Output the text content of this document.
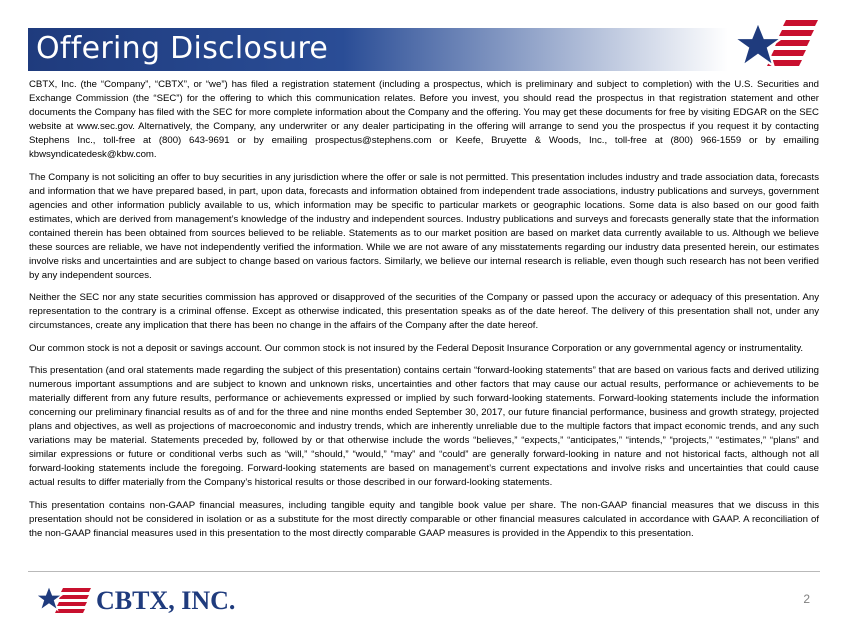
Offering Disclosure

CBTX, Inc. (the “Company”, “CBTX”, or “we”) has filed a registration statement (including a prospectus, which is preliminary and subject to completion) with the U.S. Securities and Exchange Commission (the “SEC”) for the offering to which this communication relates. Before you invest, you should read the prospectus in that registration statement and other documents the Company has filed with the SEC for more complete information about the Company and the offering. You may get these documents for free by visiting EDGAR on the SEC website at www.sec.gov. Alternatively, the Company, any underwriter or any dealer participating in the offering will arrange to send you the prospectus if you request it by contacting Stephens Inc., toll-free at (800) 643-9691 or by emailing prospectus@stephens.com or Keefe, Bruyette & Woods, Inc., toll-free at (800) 966-1559 or by emailing kbwsyndicatedesk@kbw.com.

The Company is not soliciting an offer to buy securities in any jurisdiction where the offer or sale is not permitted. This presentation includes industry and trade association data, forecasts and information that we have prepared based, in part, upon data, forecasts and information obtained from independent trade associations, industry publications and surveys, government agencies and other information publicly available to us, which information may be specific to particular markets or geographic locations. Some data is also based on our good faith estimates, which are derived from management’s knowledge of the industry and independent sources. Industry publications and surveys and forecasts generally state that the information contained therein has been obtained from sources believed to be reliable. Statements as to our market position are based on market data currently available to us. Although we believe these sources are reliable, we have not independently verified the information. While we are not aware of any misstatements regarding our industry data presented herein, our estimates involve risks and uncertainties and are subject to change based on various factors. Similarly, we believe our internal research is reliable, even though such research has not been verified by any independent sources.

Neither the SEC nor any state securities commission has approved or disapproved of the securities of the Company or passed upon the accuracy or adequacy of this presentation. Any representation to the contrary is a criminal offense. Except as otherwise indicated, this presentation speaks as of the date hereof. The delivery of this presentation shall not, under any circumstances, create any implication that there has been no change in the affairs of the Company after the date hereof.

Our common stock is not a deposit or savings account. Our common stock is not insured by the Federal Deposit Insurance Corporation or any governmental agency or instrumentality.

This presentation (and oral statements made regarding the subject of this presentation) contains certain “forward-looking statements” that are based on various facts and derived utilizing numerous important assumptions and are subject to known and unknown risks, uncertainties and other factors that may cause our actual results, performance or achievements to be materially different from any future results, performance or achievements expressed or implied by such forward-looking statements. Forward-looking statements include the information concerning our preliminary financial results as of and for the three and nine months ended September 30, 2017, our future financial performance, business and growth strategy, projected plans and objectives, as well as projections of macroeconomic and industry trends, which are inherently unreliable due to the multiple factors that impact economic trends, and any such variations may be material. Statements preceded by, followed by or that otherwise include the words “believes,” “expects,” “anticipates,” “intends,” “projects,” “estimates,” “plans” and similar expressions or future or conditional verbs such as “will,” “should,” “would,” “may” and “could” are generally forward-looking in nature and not historical facts, although not all forward-looking statements include the foregoing. Forward-looking statements are based on management’s current expectations and involve risks and uncertainties that could cause actual results to differ materially from the Company’s historical results or those described in our forward-looking statements.

This presentation contains non-GAAP financial measures, including tangible equity and tangible book value per share. The non-GAAP financial measures that we discuss in this presentation should not be considered in isolation or as a substitute for the most directly comparable or other financial measures calculated in accordance with GAAP. A reconciliation of the non-GAAP financial measures used in this presentation to the most directly comparable GAAP measures is provided in the Appendix to this presentation.

CBTX, INC.	2
